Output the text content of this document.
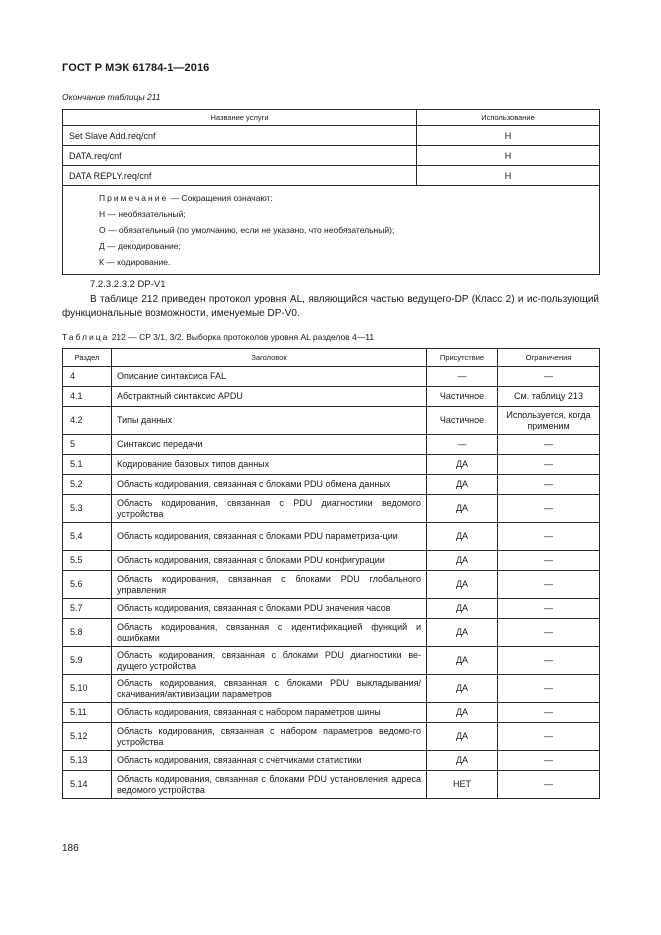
ГОСТ Р МЭК 61784-1—2016
Окончание таблицы 211
Название услуги	Использование
Set Slave Add.req/cnf	Н
DATA.req/cnf	Н
DATA REPLY.req/cnf	Н

Примечание — Сокращения означают:
Н — необязательный;
О — обязательный (по умолчанию, если не указано, что необязательный);
Д — декодирование;
К — кодирование.	
7.2.3.2.3.2 DP-V1
В таблице 212 приведен протокол уровня AL, являющийся частью ведущего-DP (Класс 2) и ис-пользующий функциональные возможности, именуемые DP-V0.
Таблица 212 — CP 3/1, 3/2. Выборка протоколов уровня AL разделов 4—11
Раздел	Заголовок	Присутствие	Ограничения
4	Описание синтаксиса FAL	—	—
4.1	Абстрактный синтаксис APDU	Частичное	См. таблицу 213
4.2	Типы данных	Частичное	Используется, когда применим
5	Синтаксис передачи	—	—
5.1	Кодирование базовых типов данных	ДА	—
5.2	Область кодирования, связанная с блоками PDU обмена данных	ДА	—
5.3	Область кодирования, связанная с PDU диагностики ведомого устройства	ДА	—
5.4	Область кодирования, связанная с блоками PDU параметриза-ции	ДА	—
5.5	Область кодирования, связанная с блоками PDU конфигурации	ДА	—
5.6	Область кодирования, связанная с блоками PDU глобального управления	ДА	—
5.7	Область кодирования, связанная с блоками PDU значения часов	ДА	—
5.8	Область кодирования, связанная с идентификацией функций и ошибками	ДА	—
5.9	Область кодирования, связанная с блоками PDU диагностики ве-дущего устройства	ДА	—
5.10	Область кодирования, связанная с блоками PDU выкладывания/ скачивания/активизации параметров	ДА	—
5.11	Область кодирования, связанная с набором параметров шины	ДА	—
5.12	Область кодирования, связанная с набором параметров ведомо-го устройства	ДА	—
5.13	Область кодирования, связанная с счетчиками статистики	ДА	—
5.14	Область кодирования, связанная с блоками PDU установления адреса ведомого устройства	НЕТ	—
186
